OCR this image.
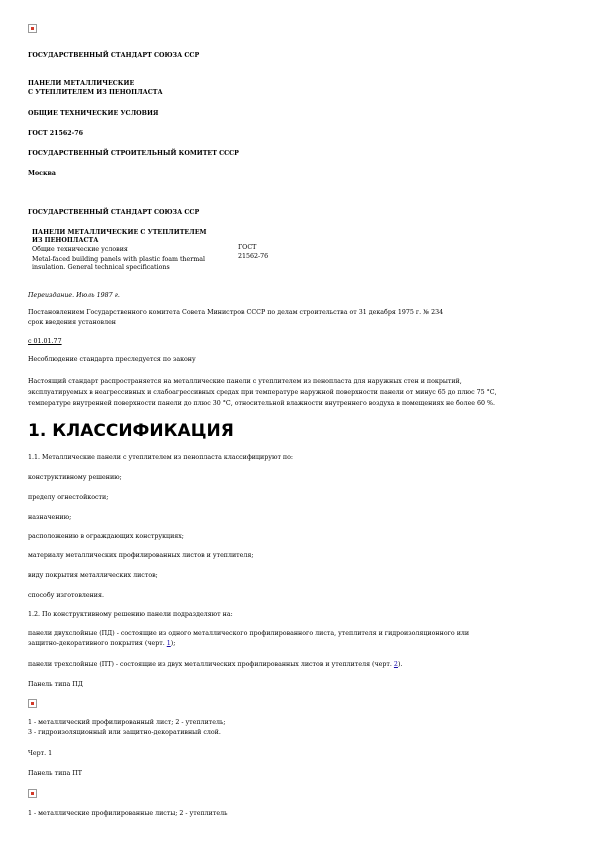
ГОСУДАРСТВЕННЫЙ СТАНДАРТ СОЮЗА ССР
ПАНЕЛИ МЕТАЛЛИЧЕСКИЕ
С УТЕПЛИТЕЛЕМ ИЗ ПЕНОПЛАСТА
ОБЩИЕ ТЕХНИЧЕСКИЕ УСЛОВИЯ
ГОСТ 21562-76
ГОСУДАРСТВЕННЫЙ СТРОИТЕЛЬНЫЙ КОМИТЕТ СССР
Москва
ГОСУДАРСТВЕННЫЙ СТАНДАРТ СОЮЗА ССР
ПАНЕЛИ МЕТАЛЛИЧЕСКИЕ С УТЕПЛИТЕЛЕМ
ИЗ ПЕНОПЛАСТА
Общие технические условия
Metal-faced building panels with plastic foam thermal
insulation. General technical specifications
ГОСТ
21562-76
Переиздание. Июль 1987 г.
Постановлением Государственного комитета Совета Министров СССР по делам строительства от 31 декабря 1975 г. № 234
срок введения установлен
с 01.01.77
Несоблюдение стандарта преследуется по закону
Настоящий стандарт распространяется на металлические панели с утеплителем из пенопласта для наружных стен и покрытий,
эксплуатируемых в неагрессивных и слабоагрессивных средах при температуре наружной поверхности панели от минус 65 до плюс 75 °С,
температуре внутренней поверхности панели до плюс 30 °С, относительной влажности внутреннего воздуха в помещениях не более 60 %.
1. КЛАССИФИКАЦИЯ
1.1. Металлические панели с утеплителем из пенопласта классифицируют по:
конструктивному решению;
пределу огнестойкости;
назначению;
расположению в ограждающих конструкциях;
материалу металлических профилированных листов и утеплителя;
виду покрытия металлических листов;
способу изготовления.
1.2. По конструктивному решению панели подразделяют на:
панели двухслойные (ПД) - состоящие из одного металлического профилированного листа, утеплителя и гидроизоляционного или
защитно-декоративного покрытия (черт. 1);
панели трехслойные (ПТ) - состоящие из двух металлических профилированных листов и утеплителя (черт. 2).
Панель типа ПД
1 - металлический профилированный лист; 2 - утеплитель;
3 - гидроизоляционный или защитно-декоративный слой.
Черт. 1
Панель типа ПТ
1 - металлические профилированные листы; 2 - утеплитель
